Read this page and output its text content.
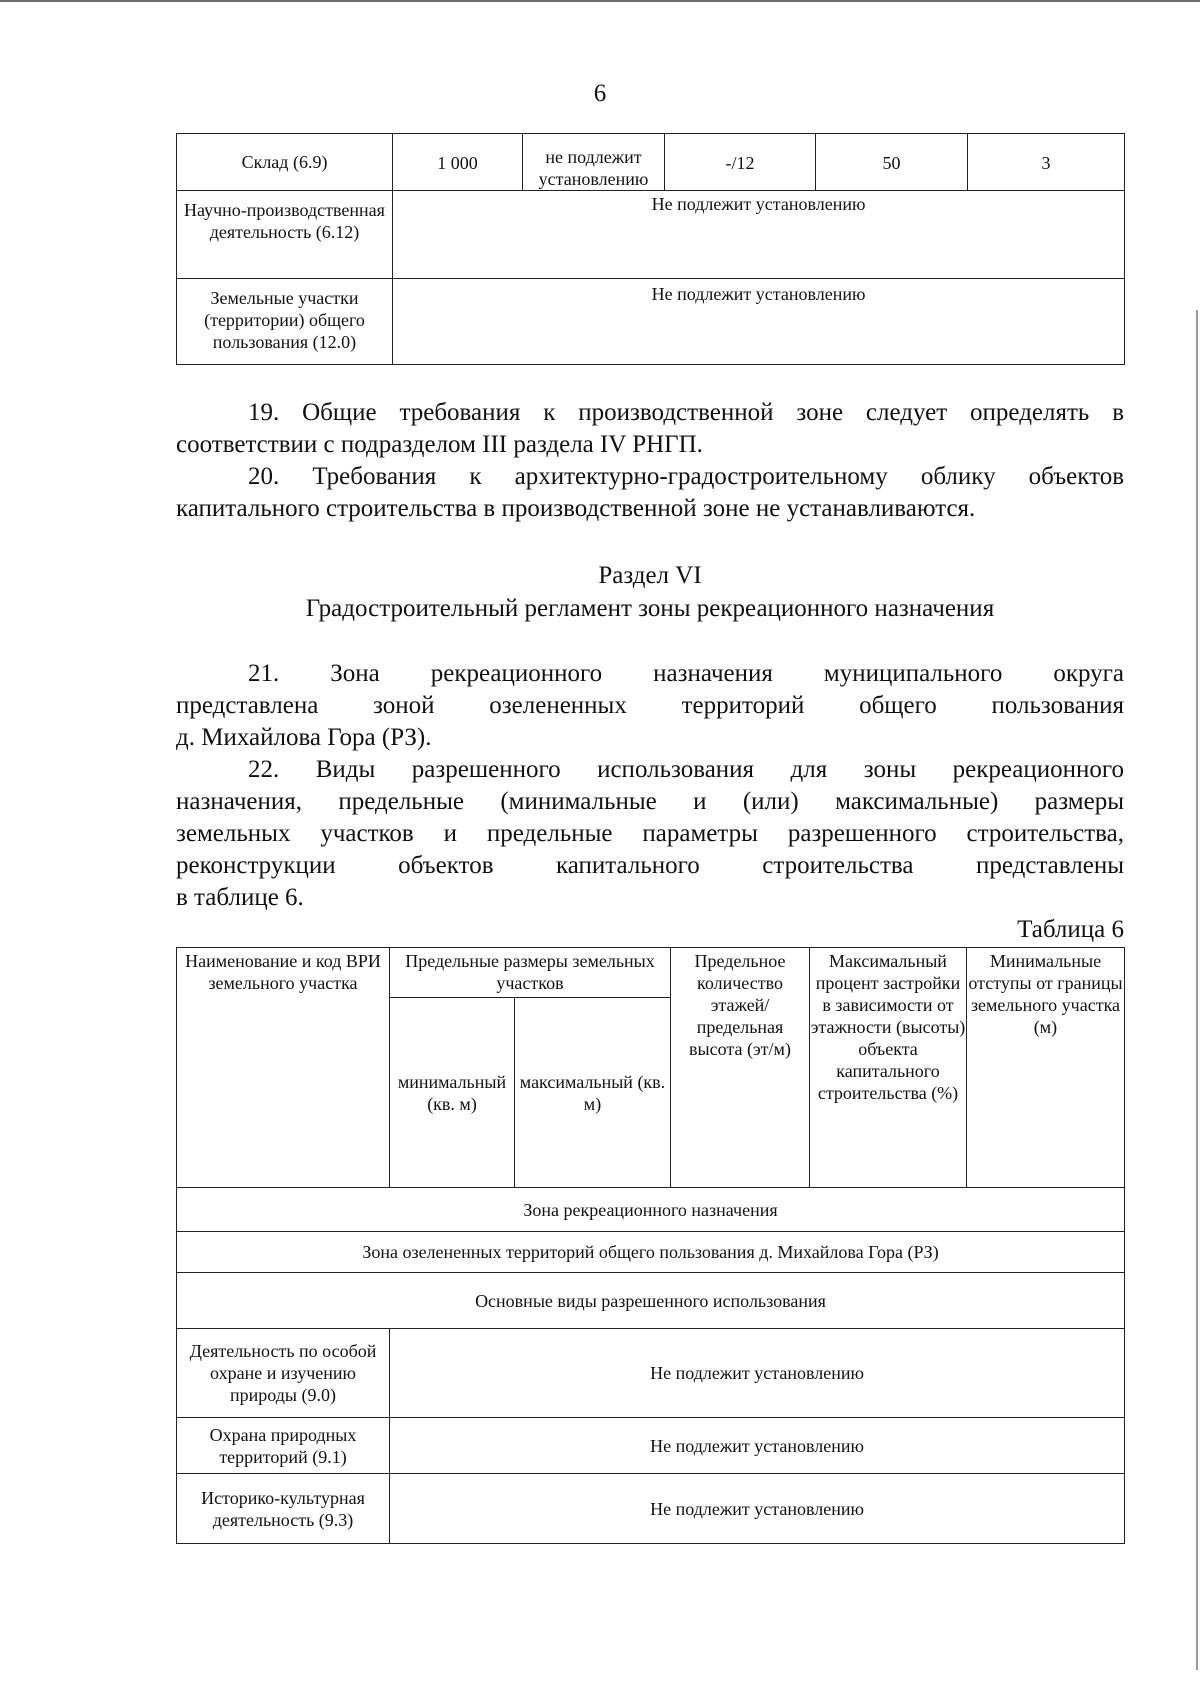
6
Склад (6.9)	1 000	не подлежит установлению	-/12	50	3
Научно-производственная деятельность (6.12)	Не подлежит установлению				
Земельные участки (территории) общего пользования (12.0)	Не подлежит установлению				

19. Общие требования к производственной зоне следует определять в

соответствии с подразделом III раздела IV РНГП.

20. Требования к архитектурно-градостроительному облику объектов

капитального строительства в производственной зоне не устанавливаются.

Раздел VI

Градостроительный регламент зоны рекреационного назначения

21. Зона рекреационного назначения муниципального округа

представлена зоной озелененных территорий общего пользования

д. Михайлова Гора (РЗ).

22. Виды разрешенного использования для зоны рекреационного

назначения, предельные (минимальные и (или) максимальные) размеры

земельных участков и предельные параметры разрешенного строительства,

реконструкции объектов капитального строительства представлены

в таблице 6.

Таблица 6

Наименование и код ВРИ земельного участка	Предельные размеры земельных участков		Предельное количество этажей/ предельная высота (эт/м)	Максимальный процент застройки в зависимости от этажности (высоты) объекта капитального строительства (%)	Минимальные отступы от границы земельного участка (м)
	минимальный (кв. м)	максимальный (кв. м)			
Зона рекреационного назначения					
Зона озелененных территорий общего пользования д. Михайлова Гора (РЗ)					
Основные виды разрешенного использования					
Деятельность по особой охране и изучению природы (9.0)	Не подлежит установлению				
Охрана природных территорий (9.1)	Не подлежит установлению				
Историко-культурная деятельность (9.3)	Не подлежит установлению				
